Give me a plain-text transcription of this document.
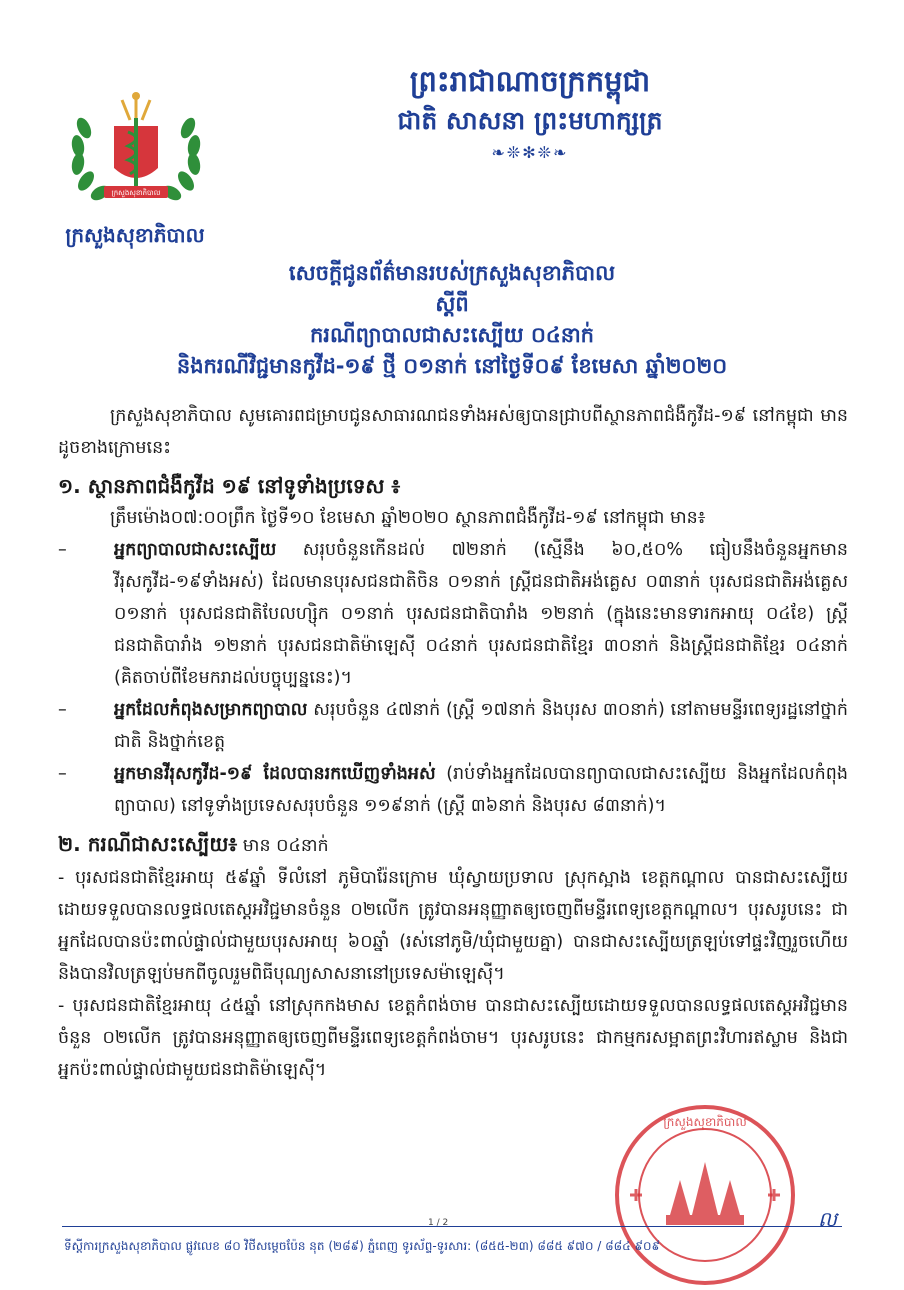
ក្រសួងសុខាភិបាល
ក្រសួងសុខាភិបាល
ព្រះរាជាណាចក្រកម្ពុជា
ជាតិ សាសនា ព្រះមហាក្សត្រ
❧❊✻❊❧
សេចក្តីជូនព័ត៌មានរបស់ក្រសួងសុខាភិបាល
ស្តីពី
ករណីព្យាបាលជាសះស្បើយ ០៤នាក់
និងករណីវិជ្ជមានកូវីដ-១៩ ថ្មី ០១នាក់ នៅថ្ងៃទី០៩ ខែមេសា ឆ្នាំ២០២០

ក្រសួងសុខាភិបាល សូមគោរពជម្រាបជូនសាធារណជនទាំងអស់ឲ្យបានជ្រាបពីស្ថានភាពជំងឺកូវីដ-១៩ នៅកម្ពុជា មានដូចខាងក្រោមនេះ

១. ស្ថានភាពជំងឺកូវីដ ១៩ នៅទូទាំងប្រទេស ៖

ត្រឹមម៉ោង០៧:០០ព្រឹក ថ្ងៃទី១០ ខែមេសា ឆ្នាំ២០២០ ស្ថានភាពជំងឺកូវីដ-១៩ នៅកម្ពុជា មាន៖

–	អ្នកព្យាបាលជាសះស្បើយ សរុបចំនួនកើនដល់ ៧២នាក់ (ស្មើនឹង ៦០,៥០% ធៀបនឹងចំនួនអ្នកមានវីរុសកូវីដ-១៩ទាំងអស់) ដែលមានបុរសជនជាតិចិន ០១នាក់ ស្ត្រីជនជាតិអង់គ្លេស ០៣នាក់ បុរសជនជាតិអង់គ្លេស ០១នាក់ បុរសជនជាតិបែលហ្ស៊ិក ០១នាក់ បុរសជនជាតិបារាំង ១២នាក់ (ក្នុងនេះមានទារកអាយុ ០៤ខែ) ស្ត្រីជនជាតិបារាំង ១២នាក់ បុរសជនជាតិម៉ាឡេស៊ី ០៤នាក់ បុរសជនជាតិខ្មែរ ៣០នាក់ និងស្ត្រីជនជាតិខ្មែរ ០៤នាក់ (គិតចាប់ពីខែមករាដល់បច្ចុប្បន្ននេះ)។
–	អ្នកដែលកំពុងសម្រាកព្យាបាល សរុបចំនួន ៤៧នាក់ (ស្ត្រី ១៧នាក់ និងបុរស ៣០នាក់) នៅតាមមន្ទីរពេទ្យរដ្ឋនៅថ្នាក់ជាតិ និងថ្នាក់ខេត្ត
–	អ្នកមានវីរុសកូវីដ-១៩ ដែលបានរកឃើញទាំងអស់ (រាប់ទាំងអ្នកដែលបានព្យាបាលជាសះស្បើយ និងអ្នកដែលកំពុងព្យាបាល) នៅទូទាំងប្រទេសសរុបចំនួន ១១៩នាក់ (ស្ត្រី ៣៦នាក់ និងបុរស ៨៣នាក់)។

២. ករណីជាសះស្បើយ៖ មាន ០៤នាក់

- បុរសជនជាតិខ្មែរអាយុ ៥៩ឆ្នាំ ទីលំនៅ ភូមិបារ៉ែនក្រោម ឃុំស្វាយប្រទាល ស្រុកស្អាង ខេត្តកណ្តាល បានជាសះស្បើយ ដោយទទួលបានលទ្ធផលតេស្តអវិជ្ជមានចំនួន ០២លើក ត្រូវបានអនុញ្ញាតឲ្យចេញពីមន្ទីរពេទ្យខេត្តកណ្តាល។ បុរសរូបនេះ ជាអ្នកដែលបានប៉ះពាល់ផ្ទាល់ជាមួយបុរសអាយុ ៦០ឆ្នាំ (រស់នៅភូមិ/ឃុំជាមួយគ្នា) បានជាសះស្បើយត្រឡប់ទៅផ្ទះវិញរួចហើយ និងបានវិលត្រឡប់មកពីចូលរួមពិធីបុណ្យសាសនានៅប្រទេសម៉ាឡេស៊ី។

- បុរសជនជាតិខ្មែរអាយុ ៤៥ឆ្នាំ នៅស្រុកកងមាស ខេត្តកំពង់ចាម បានជាសះស្បើយដោយទទួលបានលទ្ធផលតេស្តអវិជ្ជមានចំនួន ០២លើក ត្រូវបានអនុញ្ញាតឲ្យចេញពីមន្ទីរពេទ្យខេត្តកំពង់ចាម។ បុរសរូបនេះ ជាកម្មករសម្អាតព្រះវិហារឥស្លាម និងជាអ្នកប៉ះពាល់ផ្ទាល់ជាមួយជនជាតិម៉ាឡេស៊ី។

ក្រសួងសុខាភិបាល
1 / 2	ល
ទីស្តីការក្រសួងសុខាភិបាល ផ្លូវលេខ ៨០ វិថីសម្តេចប៉ែន នុត (២៨៩) ភ្នំពេញ ទូរស័ព្ទ-ទូរសារ: (៨៥៥-២៣) ៨៨៥ ៩៧០ / ៨៨៤ ៩០៩
